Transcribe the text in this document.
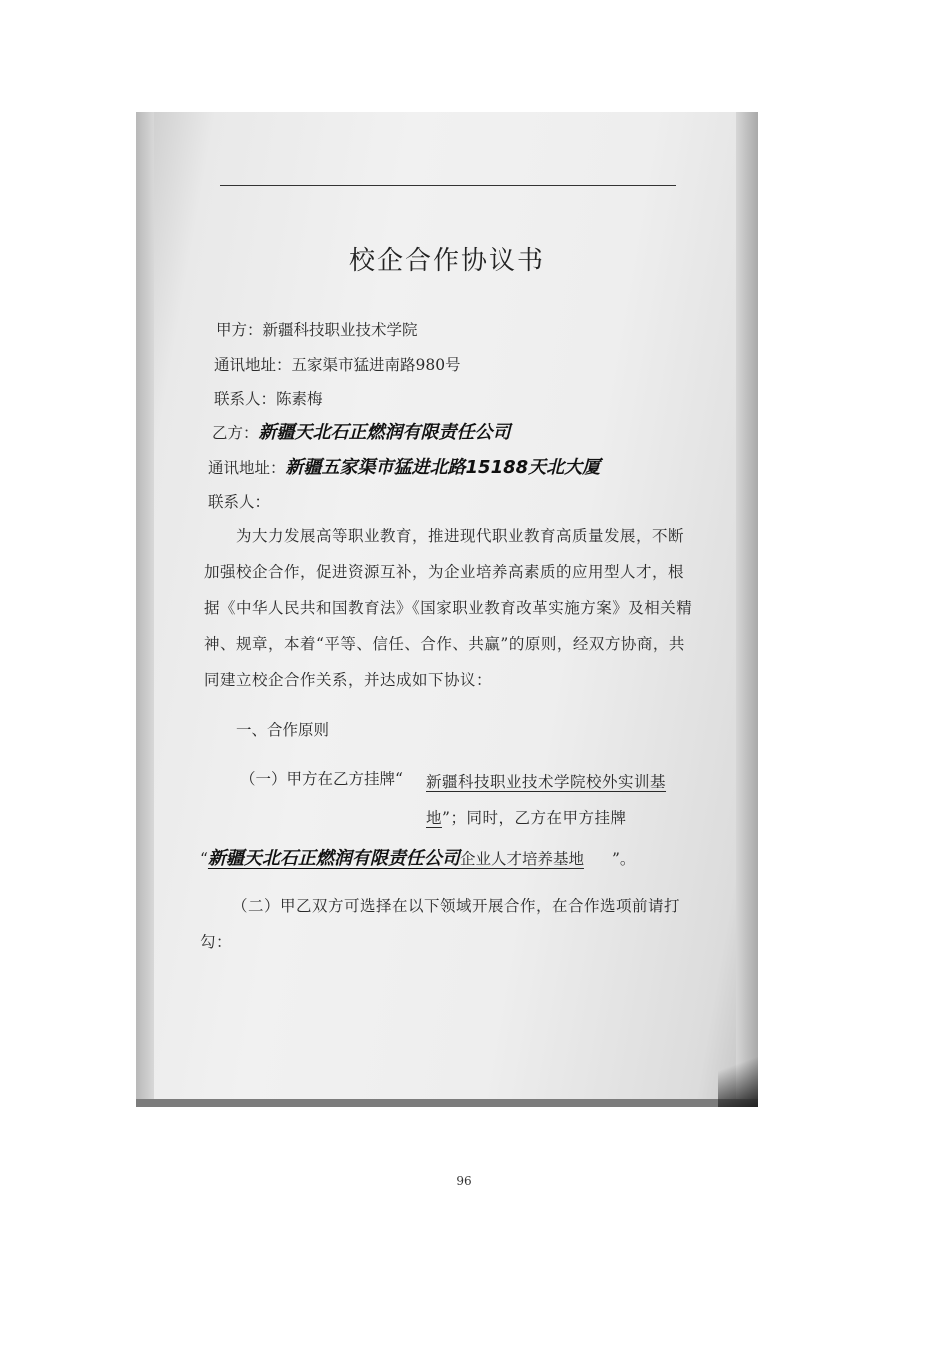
校企合作协议书
甲方：新疆科技职业技术学院
通讯地址：五家渠市猛进南路980号
联系人：陈素梅
乙方：新疆天北石正燃润有限责任公司
通讯地址：新疆五家渠市猛进北路15188天北大厦
联系人：
为大力发展高等职业教育，推进现代职业教育高质量发展，不断加强校企合作，促进资源互补，为企业培养高素质的应用型人才，根据《中华人民共和国教育法》《国家职业教育改革实施方案》及相关精神、规章，本着“平等、信任、合作、共赢”的原则，经双方协商，共同建立校企合作关系，并达成如下协议：
一、合作原则
（一）甲方在乙方挂牌“ 新疆科技职业技术学院校外实训基地”；同时，乙方在甲方挂牌
“新疆天北石正燃润有限责任公司企业人才培养基地 ”。
（二）甲乙双方可选择在以下领域开展合作，在合作选项前请打勾：
96
